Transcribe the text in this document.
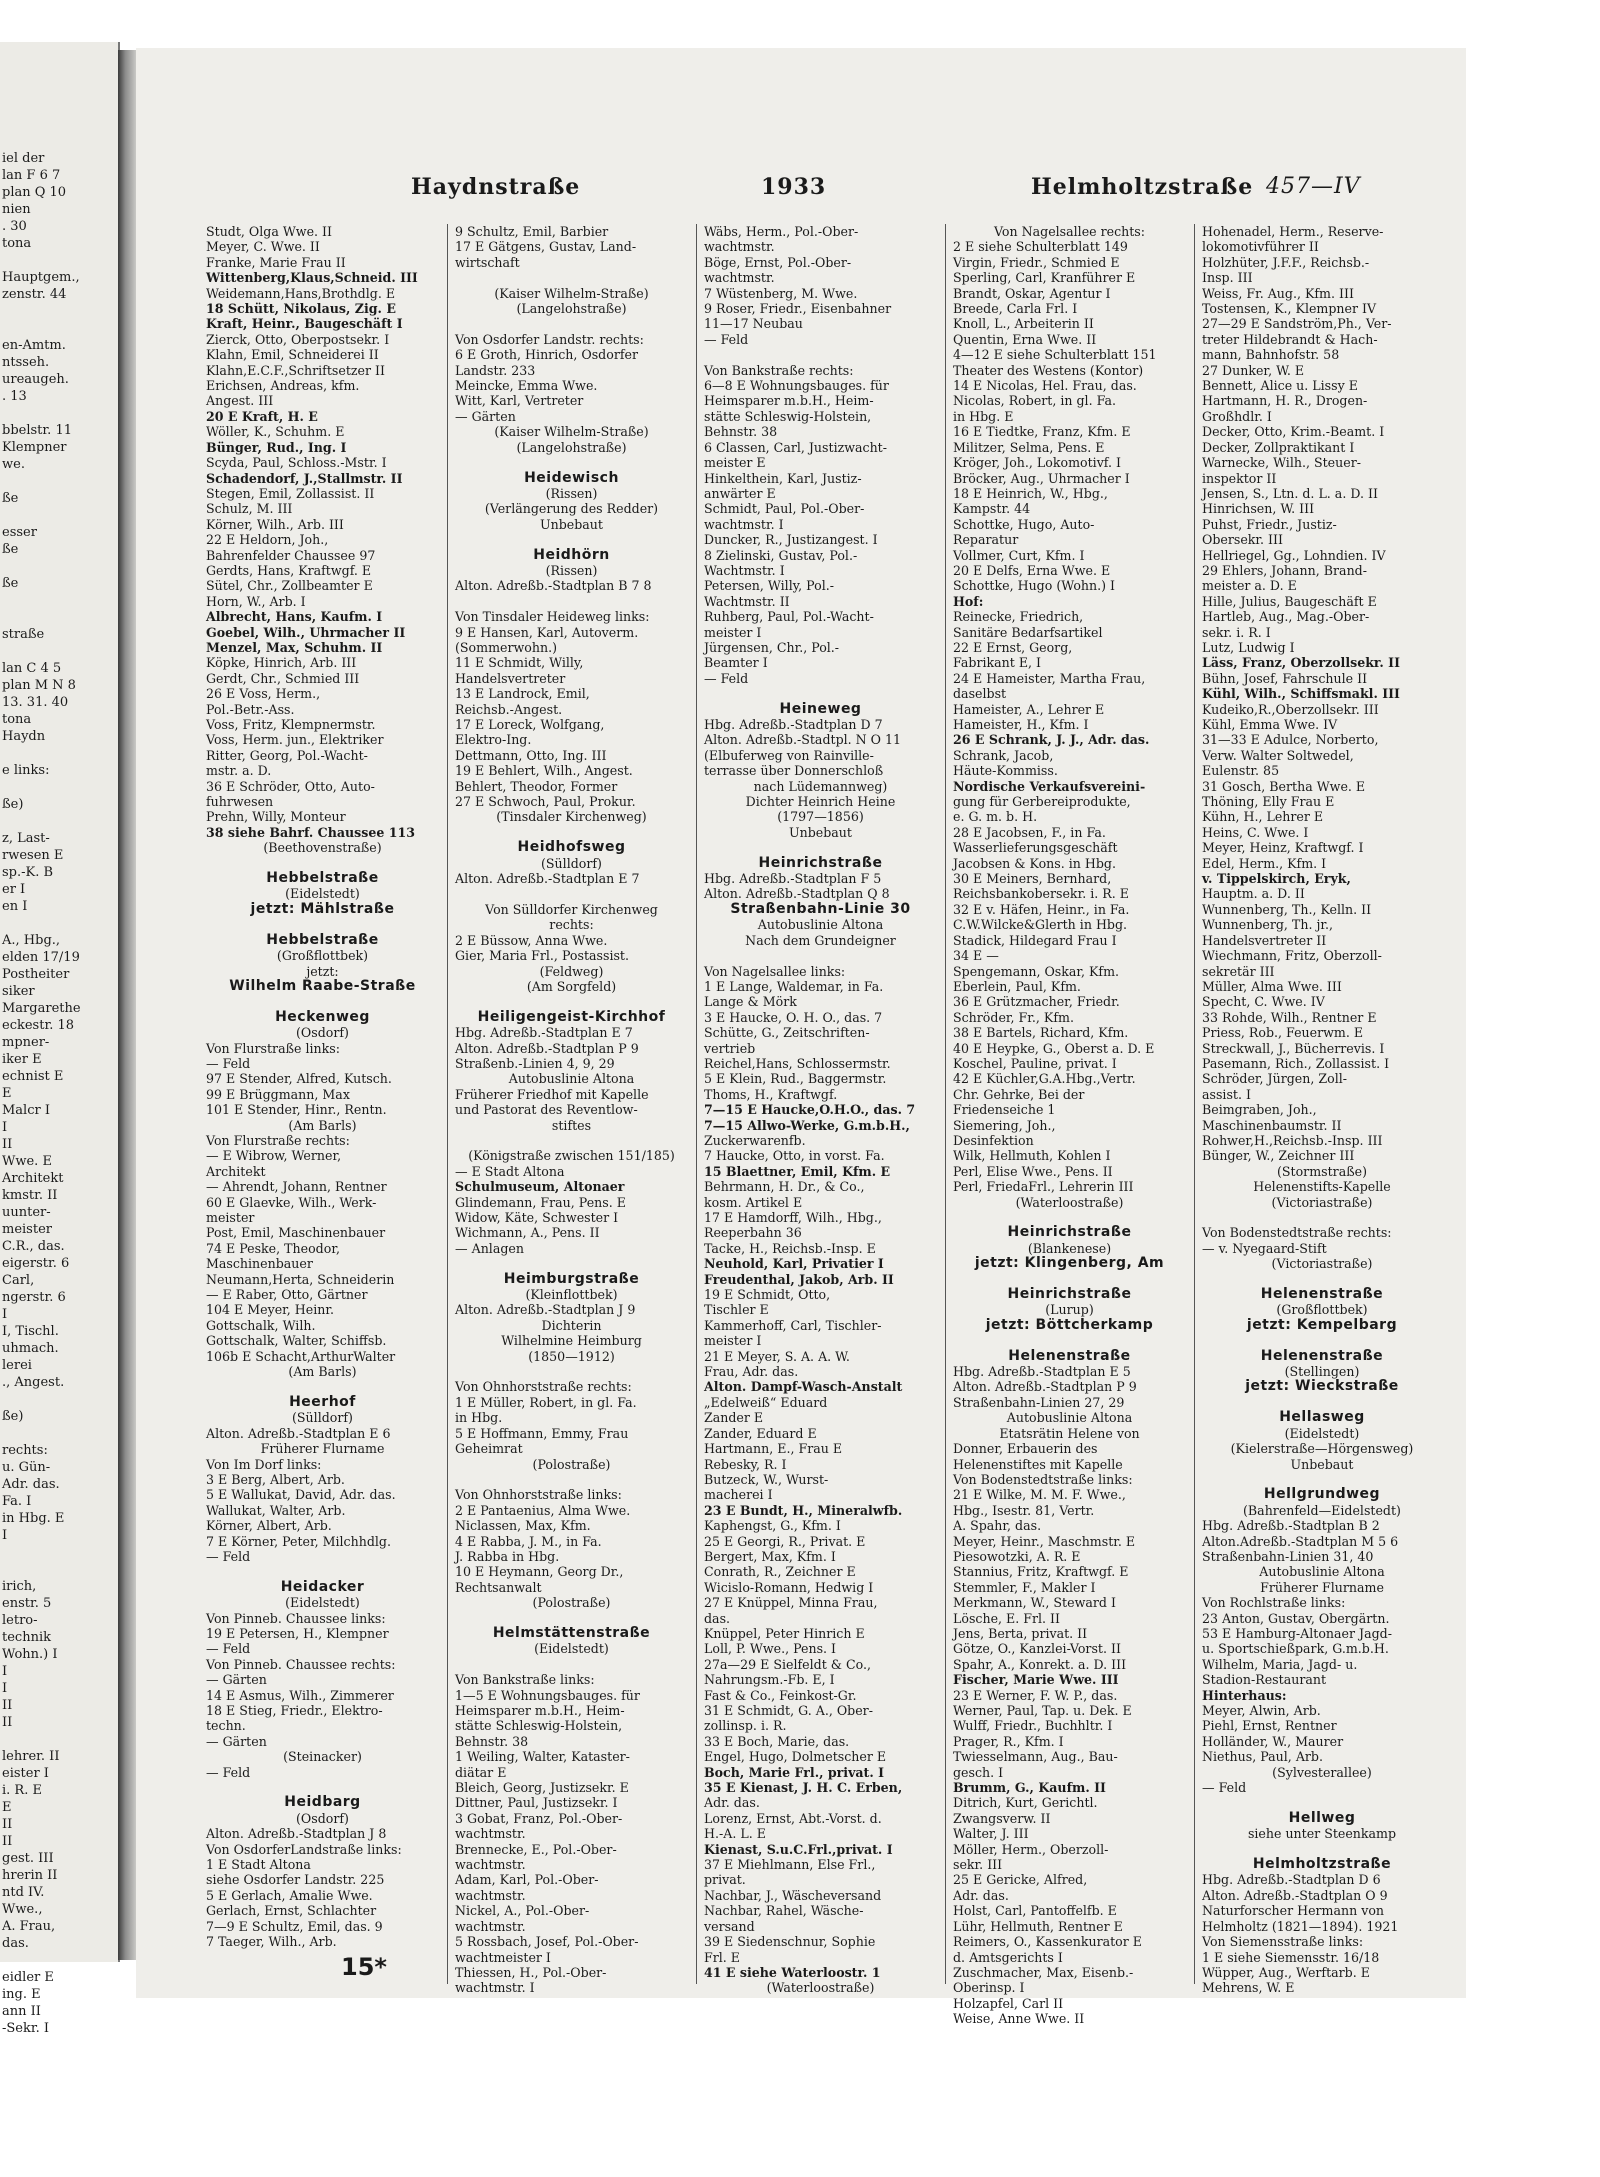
iel der
lan F 6 7
plan Q 10
nien
. 30
tona

Hauptgem.,
zenstr. 44

en-Amtm.
ntsseh.
ureaugeh.
. 13

bbelstr. 11
Klempner
we.

ße

esser
ße

ße

straße

lan C 4 5
plan M N 8
13. 31. 40
tona
Haydn

e links:

ße)

z, Last-
rwesen E
sp.-K. B
er I
en I

A., Hbg.,
elden 17/19
Postheiter
siker
Margarethe
eckestr. 18
mpner-
iker E
echnist E
E
Malcr I
I
II
Wwe. E
Architekt
kmstr. II
uunter-
meister
C.R., das.
eigerstr. 6
Carl,
ngerstr. 6
I
I, Tischl.
uhmach.
lerei
., Angest.

ße)

rechts:
u. Gün-
Adr. das.
Fa. I
in Hbg. E
I

irich,
enstr. 5
letro-
technik
Wohn.) I
I
I
II
II

lehrer. II
eister I
i. R. E
E
II
II
gest. III
hrerin II
ntd IV.
Wwe.,
A. Frau,
das.

eidler E
ing. E
ann II
-Sekr. I
Haydnstraße	1933	Helmholtzstraße 457—IV
Studt, Olga Wwe. II
Meyer, C. Wwe. II
Franke, Marie Frau II
Wittenberg,Klaus,Schneid. III
Weidemann,Hans,Brothdlg. E
18 Schütt, Nikolaus, Zig. E
Kraft, Heinr., Baugeschäft I
Zierck, Otto, Oberpostsekr. I
Klahn, Emil, Schneiderei II
Klahn,E.C.F.,Schriftsetzer II
Erichsen, Andreas, kfm.
Angest. III
20 E Kraft, H. E
Wöller, K., Schuhm. E
Bünger, Rud., Ing. I
Scyda, Paul, Schloss.-Mstr. I
Schadendorf, J.,Stallmstr. II
Stegen, Emil, Zollassist. II
Schulz, M. III
Körner, Wilh., Arb. III
22 E Heldorn, Joh.,
Bahrenfelder Chaussee 97
Gerdts, Hans, Kraftwgf. E
Sütel, Chr., Zollbeamter E
Horn, W., Arb. I
Albrecht, Hans, Kaufm. I
Goebel, Wilh., Uhrmacher II
Menzel, Max, Schuhm. II
Köpke, Hinrich, Arb. III
Gerdt, Chr., Schmied III
26 E Voss, Herm.,
Pol.-Betr.-Ass.
Voss, Fritz, Klempnermstr.
Voss, Herm. jun., Elektriker
Ritter, Georg, Pol.-Wacht-
mstr. a. D.
36 E Schröder, Otto, Auto-
fuhrwesen
Prehn, Willy, Monteur
38 siehe Bahrf. Chaussee 113
(Beethovenstraße)

Hebbelstraße
(Eidelstedt)
jetzt: Mählstraße

Hebbelstraße
(Großflottbek)
jetzt:
Wilhelm Raabe-Straße

Heckenweg
(Osdorf)
Von Flurstraße links:
— Feld
97 E Stender, Alfred, Kutsch.
99 E Brüggmann, Max
101 E Stender, Hinr., Rentn.
(Am Barls)
Von Flurstraße rechts:
— E Wibrow, Werner,
Architekt
— Ahrendt, Johann, Rentner
60 E Glaevke, Wilh., Werk-
meister
Post, Emil, Maschinenbauer
74 E Peske, Theodor,
Maschinenbauer
Neumann,Herta, Schneiderin
— E Raber, Otto, Gärtner
104 E Meyer, Heinr.
Gottschalk, Wilh.
Gottschalk, Walter, Schiffsb.
106b E Schacht,ArthurWalter
(Am Barls)

Heerhof
(Sülldorf)
Alton. Adreßb.-Stadtplan E 6
Früherer Flurname
Von Im Dorf links:
3 E Berg, Albert, Arb.
5 E Wallukat, David, Adr. das.
Wallukat, Walter, Arb.
Körner, Albert, Arb.
7 E Körner, Peter, Milchhdlg.
— Feld

Heidacker
(Eidelstedt)
Von Pinneb. Chaussee links:
19 E Petersen, H., Klempner
— Feld
Von Pinneb. Chaussee rechts:
— Gärten
14 E Asmus, Wilh., Zimmerer
18 E Stieg, Friedr., Elektro-
techn.
— Gärten
(Steinacker)
— Feld

Heidbarg
(Osdorf)
Alton. Adreßb.-Stadtplan J 8
Von OsdorferLandstraße links:
1 E Stadt Altona
siehe Osdorfer Landstr. 225
5 E Gerlach, Amalie Wwe.
Gerlach, Ernst, Schlachter
7—9 E Schultz, Emil, das. 9
7 Taeger, Wilh., Arb.
9 Schultz, Emil, Barbier
17 E Gätgens, Gustav, Land-
wirtschaft

(Kaiser Wilhelm-Straße)
(Langelohstraße)

Von Osdorfer Landstr. rechts:
6 E Groth, Hinrich, Osdorfer
Landstr. 233
Meincke, Emma Wwe.
Witt, Karl, Vertreter
— Gärten
(Kaiser Wilhelm-Straße)
(Langelohstraße)

Heidewisch
(Rissen)
(Verlängerung des Redder)
Unbebaut

Heidhörn
(Rissen)
Alton. Adreßb.-Stadtplan B 7 8

Von Tinsdaler Heideweg links:
9 E Hansen, Karl, Autoverm.
(Sommerwohn.)
11 E Schmidt, Willy,
Handelsvertreter
13 E Landrock, Emil,
Reichsb.-Angest.
17 E Loreck, Wolfgang,
Elektro-Ing.
Dettmann, Otto, Ing. III
19 E Behlert, Wilh., Angest.
Behlert, Theodor, Former
27 E Schwoch, Paul, Prokur.
(Tinsdaler Kirchenweg)

Heidhofsweg
(Sülldorf)
Alton. Adreßb.-Stadtplan E 7

Von Sülldorfer Kirchenweg
rechts:
2 E Büssow, Anna Wwe.
Gier, Maria Frl., Postassist.
(Feldweg)
(Am Sorgfeld)

Heiligengeist-Kirchhof
Hbg. Adreßb.-Stadtplan E 7
Alton. Adreßb.-Stadtplan P 9
Straßenb.-Linien 4, 9, 29
Autobuslinie Altona
Früherer Friedhof mit Kapelle
und Pastorat des Reventlow-
stiftes

(Königstraße zwischen 151/185)
— E Stadt Altona
Schulmuseum, Altonaer
Glindemann, Frau, Pens. E
Widow, Käte, Schwester I
Wichmann, A., Pens. II
— Anlagen

Heimburgstraße
(Kleinflottbek)
Alton. Adreßb.-Stadtplan J 9
Dichterin
Wilhelmine Heimburg
(1850—1912)

Von Ohnhorststraße rechts:
1 E Müller, Robert, in gl. Fa.
in Hbg.
5 E Hoffmann, Emmy, Frau
Geheimrat
(Polostraße)

Von Ohnhorststraße links:
2 E Pantaenius, Alma Wwe.
Niclassen, Max, Kfm.
4 E Rabba, J. M., in Fa.
J. Rabba in Hbg.
10 E Heymann, Georg Dr.,
Rechtsanwalt
(Polostraße)

Helmstättenstraße
(Eidelstedt)

Von Bankstraße links:
1—5 E Wohnungsbauges. für
Heimsparer m.b.H., Heim-
stätte Schleswig-Holstein,
Behnstr. 38
1 Weiling, Walter, Kataster-
diätar E
Bleich, Georg, Justizsekr. E
Dittner, Paul, Justizsekr. I
3 Gobat, Franz, Pol.-Ober-
wachtmstr.
Brennecke, E., Pol.-Ober-
wachtmstr.
Adam, Karl, Pol.-Ober-
wachtmstr.
Nickel, A., Pol.-Ober-
wachtmstr.
5 Rossbach, Josef, Pol.-Ober-
wachtmeister I
Thiessen, H., Pol.-Ober-
wachtmstr. I
Wäbs, Herm., Pol.-Ober-
wachtmstr.
Böge, Ernst, Pol.-Ober-
wachtmstr.
7 Wüstenberg, M. Wwe.
9 Roser, Friedr., Eisenbahner
11—17 Neubau
— Feld

Von Bankstraße rechts:
6—8 E Wohnungsbauges. für
Heimsparer m.b.H., Heim-
stätte Schleswig-Holstein,
Behnstr. 38
6 Classen, Carl, Justizwacht-
meister E
Hinkelthein, Karl, Justiz-
anwärter E
Schmidt, Paul, Pol.-Ober-
wachtmstr. I
Duncker, R., Justizangest. I
8 Zielinski, Gustav, Pol.-
Wachtmstr. I
Petersen, Willy, Pol.-
Wachtmstr. II
Ruhberg, Paul, Pol.-Wacht-
meister I
Jürgensen, Chr., Pol.-
Beamter I
— Feld

Heineweg
Hbg. Adreßb.-Stadtplan D 7
Alton. Adreßb.-Stadtpl. N O 11
(Elbuferweg von Rainville-
terrasse über Donnerschloß
nach Lüdemannweg)
Dichter Heinrich Heine
(1797—1856)
Unbebaut

Heinrichstraße
Hbg. Adreßb.-Stadtplan F 5
Alton. Adreßb.-Stadtplan Q 8
Straßenbahn-Linie 30
Autobuslinie Altona
Nach dem Grundeigner

Von Nagelsallee links:
1 E Lange, Waldemar, in Fa.
Lange & Mörk
3 E Haucke, O. H. O., das. 7
Schütte, G., Zeitschriften-
vertrieb
Reichel,Hans, Schlossermstr.
5 E Klein, Rud., Baggermstr.
Thoms, H., Kraftwgf.
7—15 E Haucke,O.H.O., das. 7
7—15 Allwo-Werke, G.m.b.H.,
Zuckerwarenfb.
7 Haucke, Otto, in vorst. Fa.
15 Blaettner, Emil, Kfm. E
Behrmann, H. Dr., & Co.,
kosm. Artikel E
17 E Hamdorff, Wilh., Hbg.,
Reeperbahn 36
Tacke, H., Reichsb.-Insp. E
Neuhold, Karl, Privatier I
Freudenthal, Jakob, Arb. II
19 E Schmidt, Otto,
Tischler E
Kammerhoff, Carl, Tischler-
meister I
21 E Meyer, S. A. A. W.
Frau, Adr. das.
Alton. Dampf-Wasch-Anstalt
„Edelweiß“ Eduard
Zander E
Zander, Eduard E
Hartmann, E., Frau E
Rebesky, R. I
Butzeck, W., Wurst-
macherei I
23 E Bundt, H., Mineralwfb.
Kaphengst, G., Kfm. I
25 E Georgi, R., Privat. E
Bergert, Max, Kfm. I
Conrath, R., Zeichner E
Wicislo-Romann, Hedwig I
27 E Knüppel, Minna Frau,
das.
Knüppel, Peter Hinrich E
Loll, P. Wwe., Pens. I
27a—29 E Sielfeldt & Co.,
Nahrungsm.-Fb. E, I
Fast & Co., Feinkost-Gr.
31 E Schmidt, G. A., Ober-
zollinsp. i. R.
33 E Boch, Marie, das.
Engel, Hugo, Dolmetscher E
Boch, Marie Frl., privat. I
35 E Kienast, J. H. C. Erben,
Adr. das.
Lorenz, Ernst, Abt.-Vorst. d.
H.-A. L. E
Kienast, S.u.C.Frl.,privat. I
37 E Miehlmann, Else Frl.,
privat.
Nachbar, J., Wäscheversand
Nachbar, Rahel, Wäsche-
versand
39 E Siedenschnur, Sophie
Frl. E
41 E siehe Waterloostr. 1
(Waterloostraße)
Von Nagelsallee rechts:
2 E siehe Schulterblatt 149
Virgin, Friedr., Schmied E
Sperling, Carl, Kranführer E
Brandt, Oskar, Agentur I
Breede, Carla Frl. I
Knoll, L., Arbeiterin II
Quentin, Erna Wwe. II
4—12 E siehe Schulterblatt 151
Theater des Westens (Kontor)
14 E Nicolas, Hel. Frau, das.
Nicolas, Robert, in gl. Fa.
in Hbg. E
16 E Tiedtke, Franz, Kfm. E
Militzer, Selma, Pens. E
Kröger, Joh., Lokomotivf. I
Bröcker, Aug., Uhrmacher I
18 E Heinrich, W., Hbg.,
Kampstr. 44
Schottke, Hugo, Auto-
Reparatur
Vollmer, Curt, Kfm. I
20 E Delfs, Erna Wwe. E
Schottke, Hugo (Wohn.) I
Hof:
Reinecke, Friedrich,
Sanitäre Bedarfsartikel
22 E Ernst, Georg,
Fabrikant E, I
24 E Hameister, Martha Frau,
daselbst
Hameister, A., Lehrer E
Hameister, H., Kfm. I
26 E Schrank, J. J., Adr. das.
Schrank, Jacob,
Häute-Kommiss.
Nordische Verkaufsvereini-
gung für Gerbereiprodukte,
e. G. m. b. H.
28 E Jacobsen, F., in Fa.
Wasserlieferungsgeschäft
Jacobsen & Kons. in Hbg.
30 E Meiners, Bernhard,
Reichsbankobersekr. i. R. E
32 E v. Häfen, Heinr., in Fa.
C.W.Wilcke&Glerth in Hbg.
Stadick, Hildegard Frau I
34 E —
Spengemann, Oskar, Kfm.
Eberlein, Paul, Kfm.
36 E Grützmacher, Friedr.
Schröder, Fr., Kfm.
38 E Bartels, Richard, Kfm.
40 E Heypke, G., Oberst a. D. E
Koschel, Pauline, privat. I
42 E Küchler,G.A.Hbg.,Vertr.
Chr. Gehrke, Bei der
Friedenseiche 1
Siemering, Joh.,
Desinfektion
Wilk, Hellmuth, Kohlen I
Perl, Elise Wwe., Pens. II
Perl, FriedaFrl., Lehrerin III
(Waterloostraße)

Heinrichstraße
(Blankenese)
jetzt: Klingenberg, Am

Heinrichstraße
(Lurup)
jetzt: Böttcherkamp

Helenenstraße
Hbg. Adreßb.-Stadtplan E 5
Alton. Adreßb.-Stadtplan P 9
Straßenbahn-Linien 27, 29
Autobuslinie Altona
Etatsrätin Helene von
Donner, Erbauerin des
Helenenstiftes mit Kapelle
Von Bodenstedtstraße links:
21 E Wilke, M. M. F. Wwe.,
Hbg., Isestr. 81, Vertr.
A. Spahr, das.
Meyer, Heinr., Maschmstr. E
Piesowotzki, A. R. E
Stannius, Fritz, Kraftwgf. E
Stemmler, F., Makler I
Merkmann, W., Steward I
Lösche, E. Frl. II
Jens, Berta, privat. II
Götze, O., Kanzlei-Vorst. II
Spahr, A., Konrekt. a. D. III
Fischer, Marie Wwe. III
23 E Werner, F. W. P., das.
Werner, Paul, Tap. u. Dek. E
Wulff, Friedr., Buchhltr. I
Prager, R., Kfm. I
Twiesselmann, Aug., Bau-
gesch. I
Brumm, G., Kaufm. II
Ditrich, Kurt, Gerichtl.
Zwangsverw. II
Walter, J. III
Möller, Herm., Oberzoll-
sekr. III
25 E Gericke, Alfred,
Adr. das.
Holst, Carl, Pantoffelfb. E
Lühr, Hellmuth, Rentner E
Reimers, O., Kassenkurator E
d. Amtsgerichts I
Zuschmacher, Max, Eisenb.-
Oberinsp. I
Holzapfel, Carl II
Weise, Anne Wwe. II
Hohenadel, Herm., Reserve-
lokomotivführer II
Holzhüter, J.F.F., Reichsb.-
Insp. III
Weiss, Fr. Aug., Kfm. III
Tostensen, K., Klempner IV
27—29 E Sandström,Ph., Ver-
treter Hildebrandt & Hach-
mann, Bahnhofstr. 58
27 Dunker, W. E
Bennett, Alice u. Lissy E
Hartmann, H. R., Drogen-
Großhdlr. I
Decker, Otto, Krim.-Beamt. I
Decker, Zollpraktikant I
Warnecke, Wilh., Steuer-
inspektor II
Jensen, S., Ltn. d. L. a. D. II
Hinrichsen, W. III
Puhst, Friedr., Justiz-
Obersekr. III
Hellriegel, Gg., Lohndien. IV
29 Ehlers, Johann, Brand-
meister a. D. E
Hille, Julius, Baugeschäft E
Hartleb, Aug., Mag.-Ober-
sekr. i. R. I
Lutz, Ludwig I
Läss, Franz, Oberzollsekr. II
Bühn, Josef, Fahrschule II
Kühl, Wilh., Schiffsmakl. III
Kudeiko,R.,Oberzollsekr. III
Kühl, Emma Wwe. IV
31—33 E Adulce, Norberto,
Verw. Walter Soltwedel,
Eulenstr. 85
31 Gosch, Bertha Wwe. E
Thöning, Elly Frau E
Kühn, H., Lehrer E
Heins, C. Wwe. I
Meyer, Heinz, Kraftwgf. I
Edel, Herm., Kfm. I
v. Tippelskirch, Eryk,
Hauptm. a. D. II
Wunnenberg, Th., Kelln. II
Wunnenberg, Th. jr.,
Handelsvertreter II
Wiechmann, Fritz, Oberzoll-
sekretär III
Müller, Alma Wwe. III
Specht, C. Wwe. IV
33 Rohde, Wilh., Rentner E
Priess, Rob., Feuerwm. E
Streckwall, J., Bücherrevis. I
Pasemann, Rich., Zollassist. I
Schröder, Jürgen, Zoll-
assist. I
Beimgraben, Joh.,
Maschinenbaumstr. II
Rohwer,H.,Reichsb.-Insp. III
Bünger, W., Zeichner III
(Stormstraße)
Helenenstifts-Kapelle
(Victoriastraße)

Von Bodenstedtstraße rechts:
— v. Nyegaard-Stift
(Victoriastraße)

Helenenstraße
(Großflottbek)
jetzt: Kempelbarg

Helenenstraße
(Stellingen)
jetzt: Wieckstraße

Hellasweg
(Eidelstedt)
(Kielerstraße—Hörgensweg)
Unbebaut

Hellgrundweg
(Bahrenfeld—Eidelstedt)
Hbg. Adreßb.-Stadtplan B 2
Alton.Adreßb.-Stadtplan M 5 6
Straßenbahn-Linien 31, 40
Autobuslinie Altona
Früherer Flurname
Von Rochlstraße links:
23 Anton, Gustav, Obergärtn.
53 E Hamburg-Altonaer Jagd-
u. Sportschießpark, G.m.b.H.
Wilhelm, Maria, Jagd- u.
Stadion-Restaurant
Hinterhaus:
Meyer, Alwin, Arb.
Piehl, Ernst, Rentner
Holländer, W., Maurer
Niethus, Paul, Arb.
(Sylvesterallee)
— Feld

Hellweg
siehe unter Steenkamp

Helmholtzstraße
Hbg. Adreßb.-Stadtplan D 6
Alton. Adreßb.-Stadtplan O 9
Naturforscher Hermann von
Helmholtz (1821—1894). 1921
Von Siemensstraße links:
1 E siehe Siemensstr. 16/18
Wüpper, Aug., Werftarb. E
Mehrens, W. E
15*
